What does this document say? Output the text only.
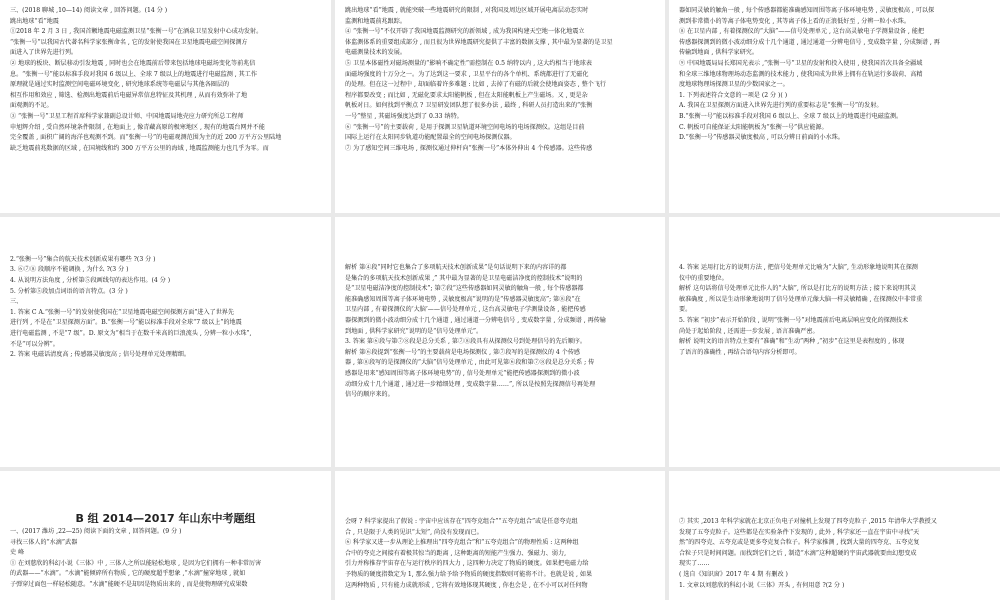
三、(2018 聊城 ,10—14) 阅读文章 , 回答问题。(14 分 )
跳出地球“看”地震
①2018 年 2 月 3 日 , 我国首颗地震电磁监测卫星“张衡一号”在酒泉卫星发射中心成功发射。
“张衡一号”以我国古代著名科学家张衡命名 , 它的发射使我国在卫星地震电磁空间探测方
面进入了世界先进行列。
② 地球的板块、断层移动引发地震 , 同时也会在地震前后带来包括地球电磁场变化等前兆信
息。“张衡一号”能以标准手段对我国 6 级以上、全球 7 级以上的地震进行电磁监测 , 其工作
原理就是通过实时监测空间电磁环境变化 , 研究地球系统等电磁层与其他各圈层的
相互作用和效应 , 筛选、检测出地震前后电磁异常信息特征及其机理 , 从而有效弥补了地
面观测的不足。
③ “张衡一号”卫星工程首席科学家兼副总设计师、中国地震局地壳应力研究所总工程师
申旭辉介绍 , 受自然环境条件限制 , 在地面上 , 像青藏高原的极寒地区 , 现有的地震台网并不能
完全覆盖 , 面积广阔的海洋也观测不到。而“张衡一号”的电磁观测范围为主的近 200 万平方公里陆地
缺乏地震前兆数据的区域 , 在国境线和约 300 万平方公里的海域 , 地震监测能力也几乎为零。而
跳出地球“看”地震 , 就能突破一些地震研究的限制 , 对我国及周边区域开展电离层动态实时
监测和地震前兆跟踪。
④ “张衡一号”不仅开辟了我国地震监测研究的新领域 , 成为我国构建天空地一体化地震立
体监测体系的重要组成部分 , 而且很为世界地震研究提供了丰富的数据支撑 , 其中最为显著的是卫星
电磁测量技术的发展。
⑤ 卫星本体磁性对磁场测量的“影响不确定性”需控制在 0.5 纳特以内 , 这大约相当于地球表
面磁场强度的十万分之一。为了达到这一要求 , 卫星平台的各个单机、系统都进行了无磁化
的处理。但在这一过程中 , 却面临着许多难题 : 比如 , 去掉了有磁的后就会使地面姿态 , 整个飞行
程序都要改变 ; 而比如 , 无磁化要求太阳能帆板 , 但在太阳能帆板上产生磁场。又 , 更是杂
帆板对日。如何找到平衡点 ? 卫星研发团队想了很多办法 , 最终 , 科研人员打造出来的“张衡
一号”整星 , 其磁场强度达到了 0.33 纳特。
⑥ “张衡一号”的主要载荷 , 是用于探测卫星轨道环境空间电场的电场探测仪。这组是目前
国际上运行在太阳同步轨道功能配置最全的空间电场探测仪器。
⑦ 为了感知空间三维电场 , 探测仪通过伸杆向“张衡一号”本体外伸出 4 个传感器。这些传感
器如同灵敏的触角一般 , 每个传感器都能准确感知周围等离子体环境电势 , 灵敏度极高 , 可以探
测到非常微小的等离子体电势变化 , 其等离子体上看的正浪低好至 , 分辨一粒小水珠。
⑧ 在卫星内部 , 有着探测仪的“大脑”——信号处理单元 , 这台高灵敏电子学测量设备 , 能把
传感器探测到的微小波动细分成十几个通道 , 通过通道一分辨电信号 , 变成数字量 , 分成频谱 , 再
传输到地面 , 供科学家研究。
⑨ 中国地震局局长郑国光表示 ,“张衡一号”卫星的发射和投入使用 , 使我国首次具备全疆域
和全球三维地球物理场动态监测的技术能力 , 使我国成为世界上拥有在轨运行多载荷、高精
度地球物理场探测卫星的少数国家之一。
1. 下列表述符合文意的一项是 (2 分 )( )
A. 我国在卫星探测方面进入世界先进行列的重要标志是“张衡一号”的发射。
B.“张衡一号”能以标准手段对我国 6 级以上、全球 7 级以上的地震进行电磁监测。
C. 帆板可自能保证太阳能帆板为“张衡一号”供应能源。
D.“张衡一号”传感器灵敏度极高 , 可以分辨日前面的小水珠。

2.“张衡一号”集合的航天技术创新成果有哪些 ?(3 分 )
3. ⑥⑦⑧ 段顺序不能调换 , 为什么 ?(3 分 )
4. 从说明方法角度 , 分析第⑤段画线句的表达作用。(4 分 )
5. 分析第⑤段加点词语的语言特点。(3 分 )
三、
1. 答案 C A.“张衡一号”的发射使我国在“卫星地震电磁空间探测方面”进入了世界先
进行列 , 不是在“卫星探测方面”。B.“张衡一号”能以标准手段对全球“7 级以上”的地震
进行电磁监测 , 不是“7 级”。D. 原文为“相当于在数千米高的巨浪流头 , 分辨一粒小水珠”,
不是“可以分辨”。
2. 答案 电磁话清度高 ; 传感器灵敏度高 ; 信号处理单元处理精细。
解析 第④段“同时它也集合了多项航天技术创新成果”是句话说明下来的内容详的都
是集合的多项航天技术创新成果 ,” 其中最为显著的是卫星电磁洁净度的控制技术”说明的
是“卫星电磁洁净度的控制技术”; 第⑦段“这些传感器如同灵敏的触角一般 , 每个传感器都
能准确感知周围等离子体环境电势 , 灵敏度极高”说明的是“传感器灵敏度高”; 第⑧段“在
卫星内部 , 有着探测仪的‘大脑’——信号处理单元 , 这台高灵敏电子学测量设备 , 能把传感
器探测到的微小波动细分成十几个通道 , 通过通道一分辨电信号 , 变成数字量 , 分成频谱 , 再传输
到地面 , 供科学家研究”说明的是“信号处理单元”。
3. 答案 第⑥段与第⑦⑧段是总分关系 , 第⑦⑧段具有从探测仪号到处理信号的先后顺序。
解析 第⑥段提到“张衡一号”的主要载荷是电场探测仪 , 第⑦段写的是探测仪的 4 个传感
器 , 第⑧段写的是探测仪的“大脑”信号处理单元 , 由此可见第⑥段和第⑦⑧段是总分关系 ; 传
感器是用来“感知周围等离子体环境电势”的 , 信号处理单元“能把传感器探测到的微小波
动细分成十几个通道 , 通过进一步精细处理 , 变成数字量……”, 所以是按照先探测信号再处理
信号的顺序来的。
4. 答案 运用打比方的说明方法 , 把信号处理单元比喻为“大脑”, 生动形象地说明其在探测
仪中的重要地位。
解析 这句话将信号处理单元比作人的“大脑”, 所以是打比方的说明方法 ; 接下来说明其灵
敏准确度 , 所以是生动形象地说明了信号处理单元像大脑一样灵敏精确 , 在探测仪中非常重
要。
5. 答案 “初步”表示开始阶段 , 说明“张衡一号”对地震前后电离层响应变化的探测技术
尚处于起始阶段 , 还需进一步发展 , 语言准确严密。
解析 说明文的语言特点主要有“准确”和“生动”两种 ,“初步”在这里是表程度的 , 体现
了语言的准确性 , 再结合语句内容分析即可。
B 组 2014—2017 年山东中考题组
一、(2017 潍坊 ,22—25) 阅读下面的文章 , 回答问题。(9 分 )
寻找三体人的“水滴”武器
史 峰
① 在刘慈欣的科幻小说《三体》中 , 三体人之所以能轻松地球 , 是因为它们拥有一种非常厉害
的武器——“水滴”。“水滴”能倾碎所有物质 , 它的硬度超乎想象 ,“水滴”撞穿地球 , 就如
子弹穿过面包一样轻松随意。“水滴”能硬不是却因是物质出来的 , 而是使物理研究成果数
会呀 ? 科学家提出了假说 : 宇宙中应该存在“四夸克组合”“五夸克组合”或是任意夸克组
合 , 只是限于人类的见识“太短”, 尚没有发现而已。
⑥ 科学家又进一步从理论上推理出“四夸克组合”和“五夸克组合”的物理性质 : 这两种组
合中的夸克之间接有着极其惊当的距离 , 这种距离的短能产生强力、强磁力、弱力,
引力并称推存宇宙存在与运行秩序的四大力 , 这四种力决定了物质的硬度。如果把电磁力给
予物质的硬度指数定为 1, 那么强力给予给予物质的硬度指数则可能将不计。也就是说 , 如果
这两种物质 , 只有能力成就形成 , 它将有效地体现其硬度 , 你也会是 , 在不小可以对任何物
⑦ 其实 ,2013 年科学家就在北京正负电子对撞机上发现了四夸克粒子 ,2015 年清华大学教授又
发现了五夸克粒子。这些都是在实验条件下发现的 , 此外 , 科学家还一直在宇宙中寻找“天
然”的四夸克、五夸克或是更多夸克复合粒子。科学家推测 , 找到大量的四夸克、五夸克复
合粒子只是时间问题。而找到它们之后 , 制造“水滴”这种超硬的宇宙武器就要由幻想变成
现实了……
( 选自《知识窗》2017 年 4 期 有删改 )
1. 文章以刘慈欣的科幻小说《三体》开头 , 有何用意 ?(2 分 )
